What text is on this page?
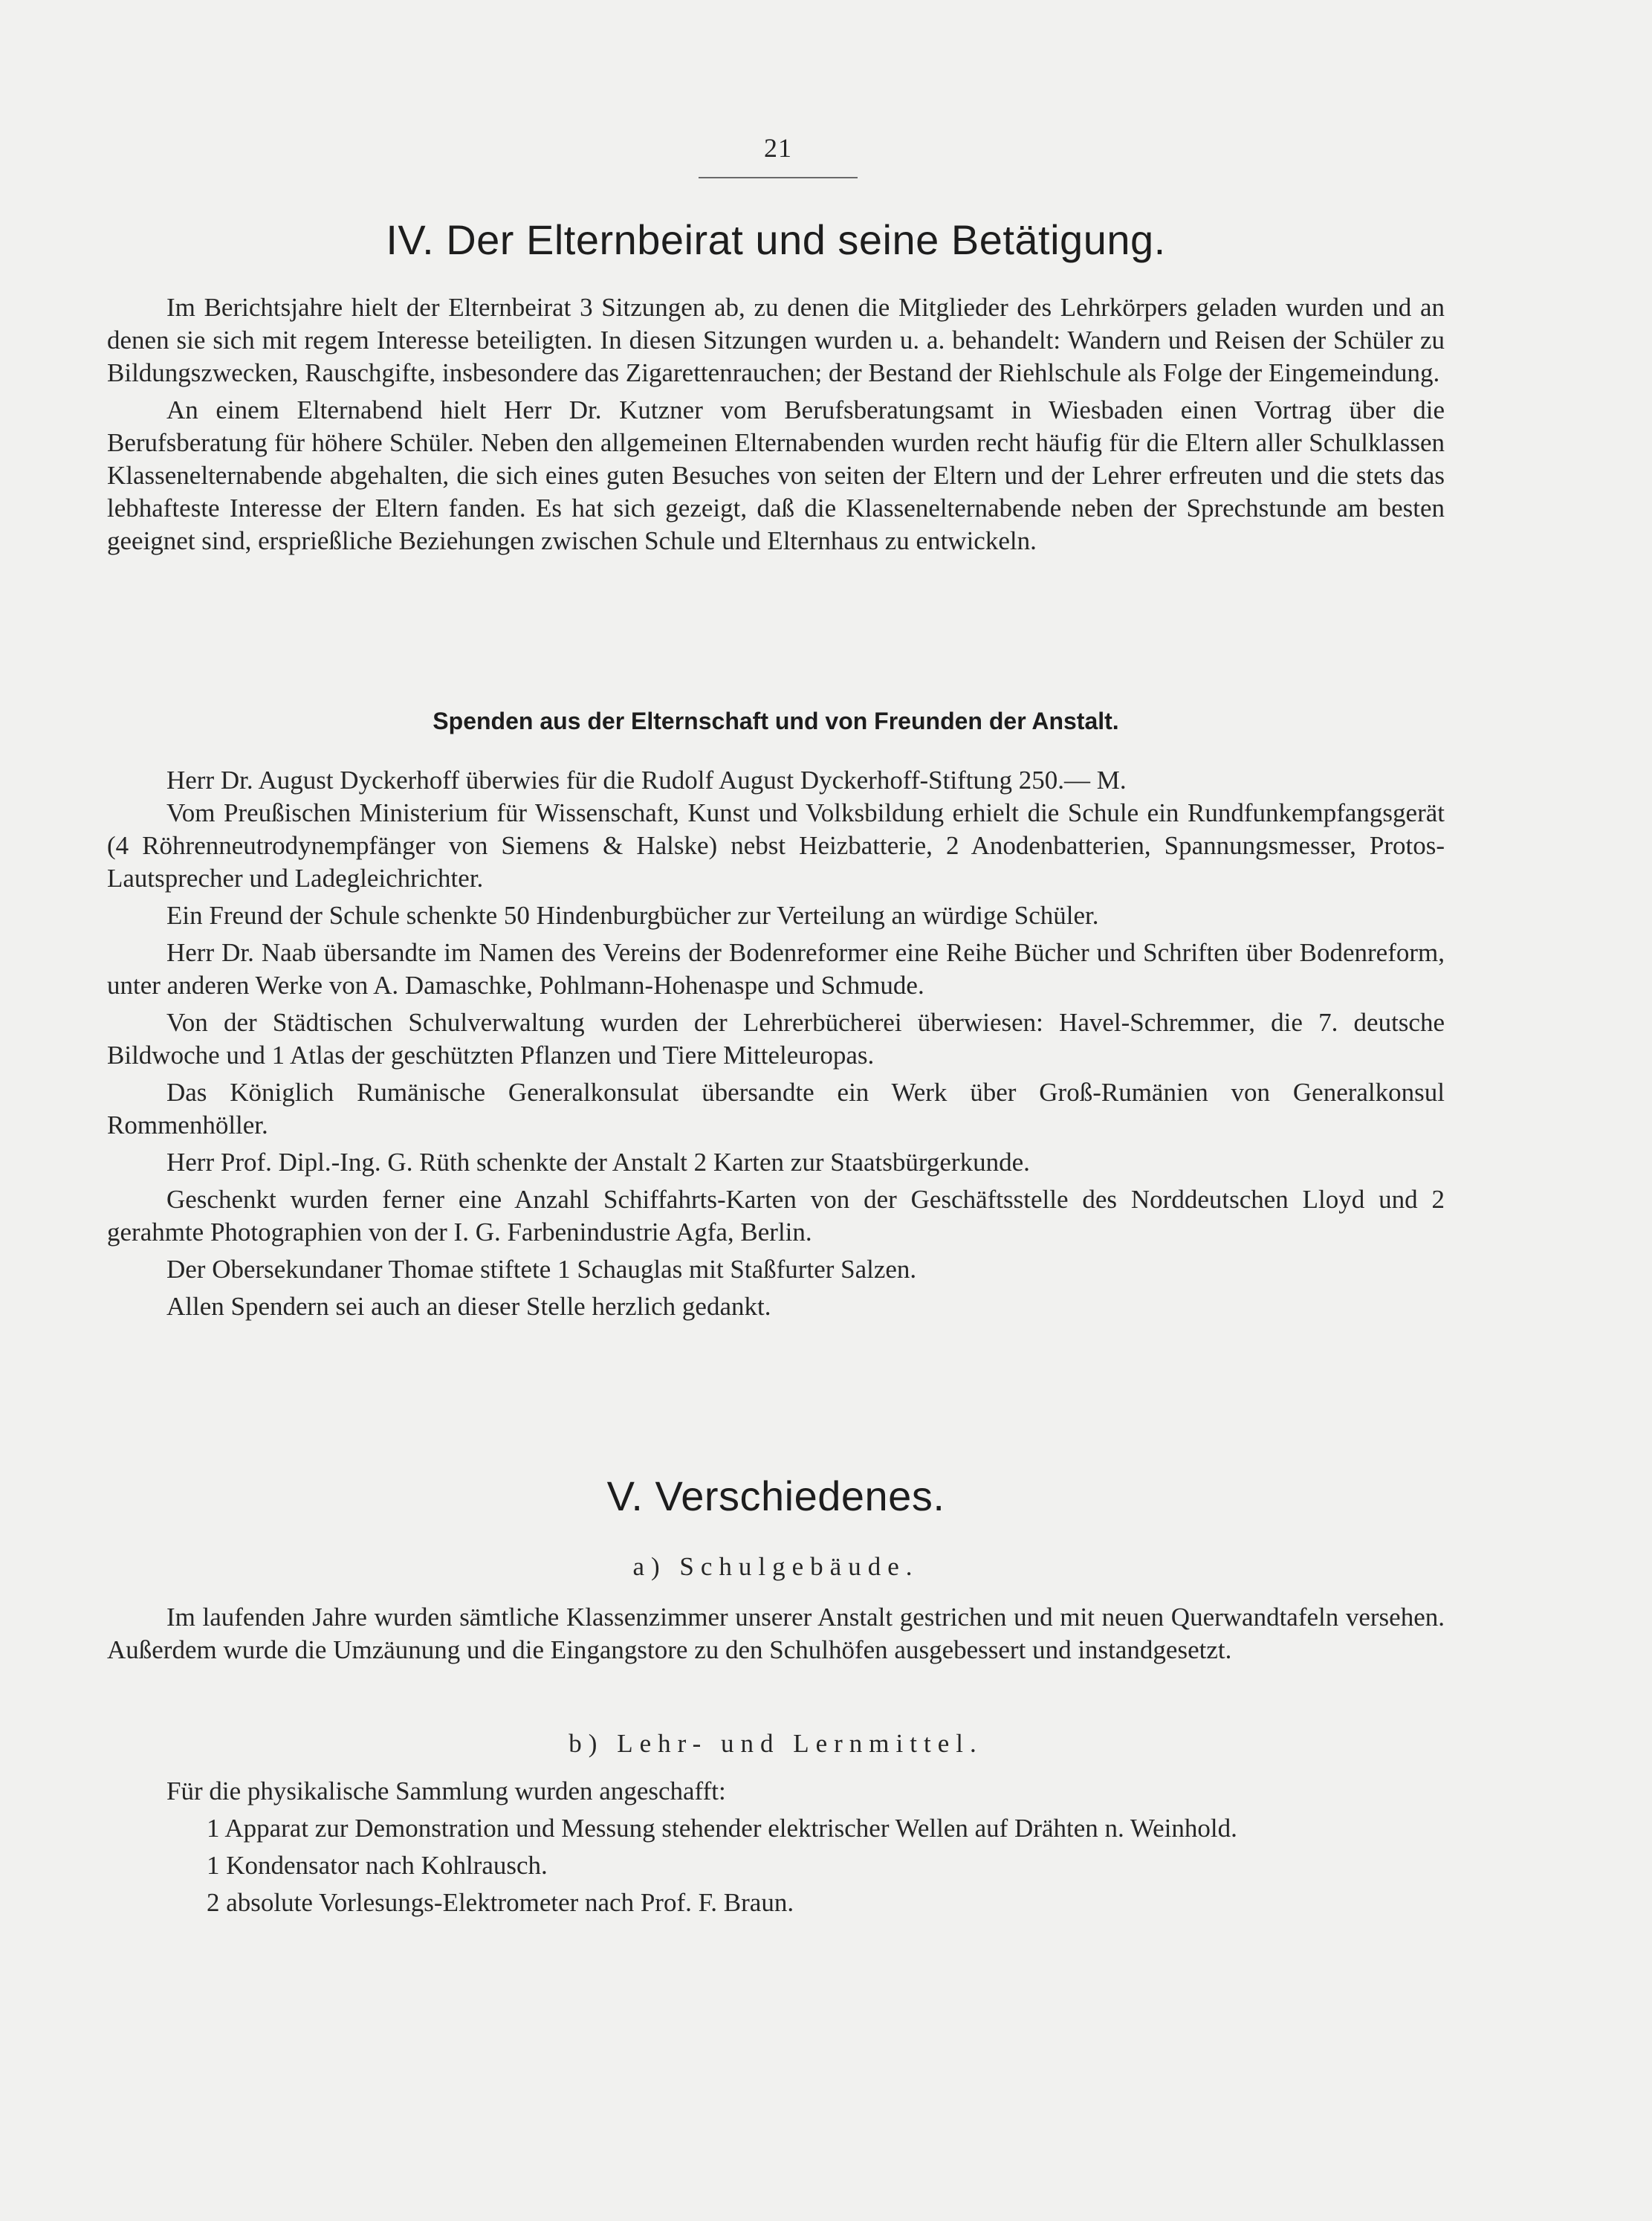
21
IV. Der Elternbeirat und seine Betätigung.

Im Berichtsjahre hielt der Elternbeirat 3 Sitzungen ab, zu denen die Mitglieder des Lehrkörpers geladen wurden und an denen sie sich mit regem Interesse beteiligten. In diesen Sitzungen wurden u. a. behandelt: Wandern und Reisen der Schüler zu Bildungszwecken, Rauschgifte, insbesondere das Zigarettenrauchen; der Bestand der Riehlschule als Folge der Eingemeindung.

An einem Elternabend hielt Herr Dr. Kutzner vom Berufsberatungsamt in Wiesbaden einen Vortrag über die Berufsberatung für höhere Schüler. Neben den allgemeinen Elternabenden wurden recht häufig für die Eltern aller Schulklassen Klassenelternabende abgehalten, die sich eines guten Besuches von seiten der Eltern und der Lehrer erfreuten und die stets das lebhafteste Interesse der Eltern fanden. Es hat sich gezeigt, daß die Klassenelternabende neben der Sprechstunde am besten geeignet sind, ersprießliche Beziehungen zwischen Schule und Elternhaus zu entwickeln.

Spenden aus der Elternschaft und von Freunden der Anstalt.

Herr Dr. August Dyckerhoff überwies für die Rudolf August Dyckerhoff-Stiftung 250.— M.

Vom Preußischen Ministerium für Wissenschaft, Kunst und Volksbildung erhielt die Schule ein Rundfunkempfangsgerät (4 Röhrenneutrodynempfänger von Siemens & Halske) nebst Heizbatterie, 2 Anodenbatterien, Spannungsmesser, Protos-Lautsprecher und Ladegleichrichter.

Ein Freund der Schule schenkte 50 Hindenburgbücher zur Verteilung an würdige Schüler.

Herr Dr. Naab übersandte im Namen des Vereins der Bodenreformer eine Reihe Bücher und Schriften über Bodenreform, unter anderen Werke von A. Damaschke, Pohlmann-Hohenaspe und Schmude.

Von der Städtischen Schulverwaltung wurden der Lehrerbücherei überwiesen: Havel-Schremmer, die 7. deutsche Bildwoche und 1 Atlas der geschützten Pflanzen und Tiere Mitteleuropas.

Das Königlich Rumänische Generalkonsulat übersandte ein Werk über Groß-Rumänien von Generalkonsul Rommenhöller.

Herr Prof. Dipl.-Ing. G. Rüth schenkte der Anstalt 2 Karten zur Staatsbürgerkunde.

Geschenkt wurden ferner eine Anzahl Schiffahrts-Karten von der Geschäftsstelle des Norddeutschen Lloyd und 2 gerahmte Photographien von der I. G. Farbenindustrie Agfa, Berlin.

Der Obersekundaner Thomae stiftete 1 Schauglas mit Staßfurter Salzen.

Allen Spendern sei auch an dieser Stelle herzlich gedankt.

V. Verschiedenes.
a) Schulgebäude.

Im laufenden Jahre wurden sämtliche Klassenzimmer unserer Anstalt gestrichen und mit neuen Querwandtafeln versehen. Außerdem wurde die Umzäunung und die Eingangstore zu den Schulhöfen ausgebessert und instandgesetzt.

b) Lehr- und Lernmittel.

Für die physikalische Sammlung wurden angeschafft:

1 Apparat zur Demonstration und Messung stehender elektrischer Wellen auf Drähten n. Weinhold.

1 Kondensator nach Kohlrausch.

2 absolute Vorlesungs-Elektrometer nach Prof. F. Braun.
